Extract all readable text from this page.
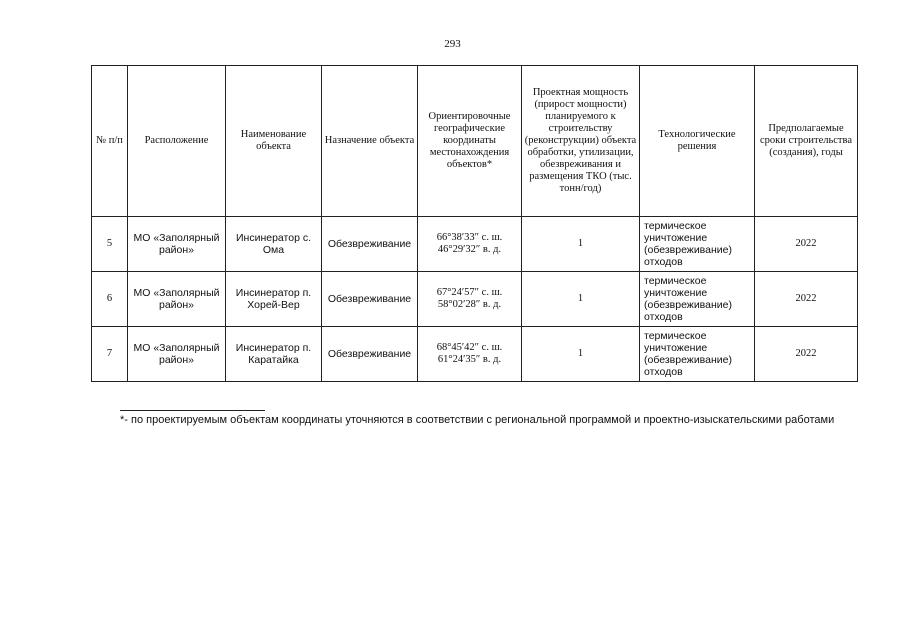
293
№ п/п	Расположение	Наименование объекта	Назначение объекта	Ориентировочные географические координаты местонахождения объектов*	Проектная мощность (прирост мощности) планируемого к строительству (реконструкции) объекта обработки, утилизации, обезвреживания и размещения ТКО (тыс. тонн/год)	Технологические решения	Предполагаемые сроки строительства (создания), годы
5	МО «Заполярный район»	Инсинератор с. Ома	Обезвреживание	66°38′33″ с. ш. 46°29′32″ в. д.	1	термическое уничтожение (обезвреживание) отходов	2022
6	МО «Заполярный район»	Инсинератор п. Хорей-Вер	Обезвреживание	67°24′57″ с. ш. 58°02′28″ в. д.	1	термическое уничтожение (обезвреживание) отходов	2022
7	МО «Заполярный район»	Инсинератор п. Каратайка	Обезвреживание	68°45′42″ с. ш. 61°24′35″ в. д.	1	термическое уничтожение (обезвреживание) отходов	2022
*- по проектируемым объектам координаты уточняются в соответствии с региональной программой и проектно-изыскательскими работами
